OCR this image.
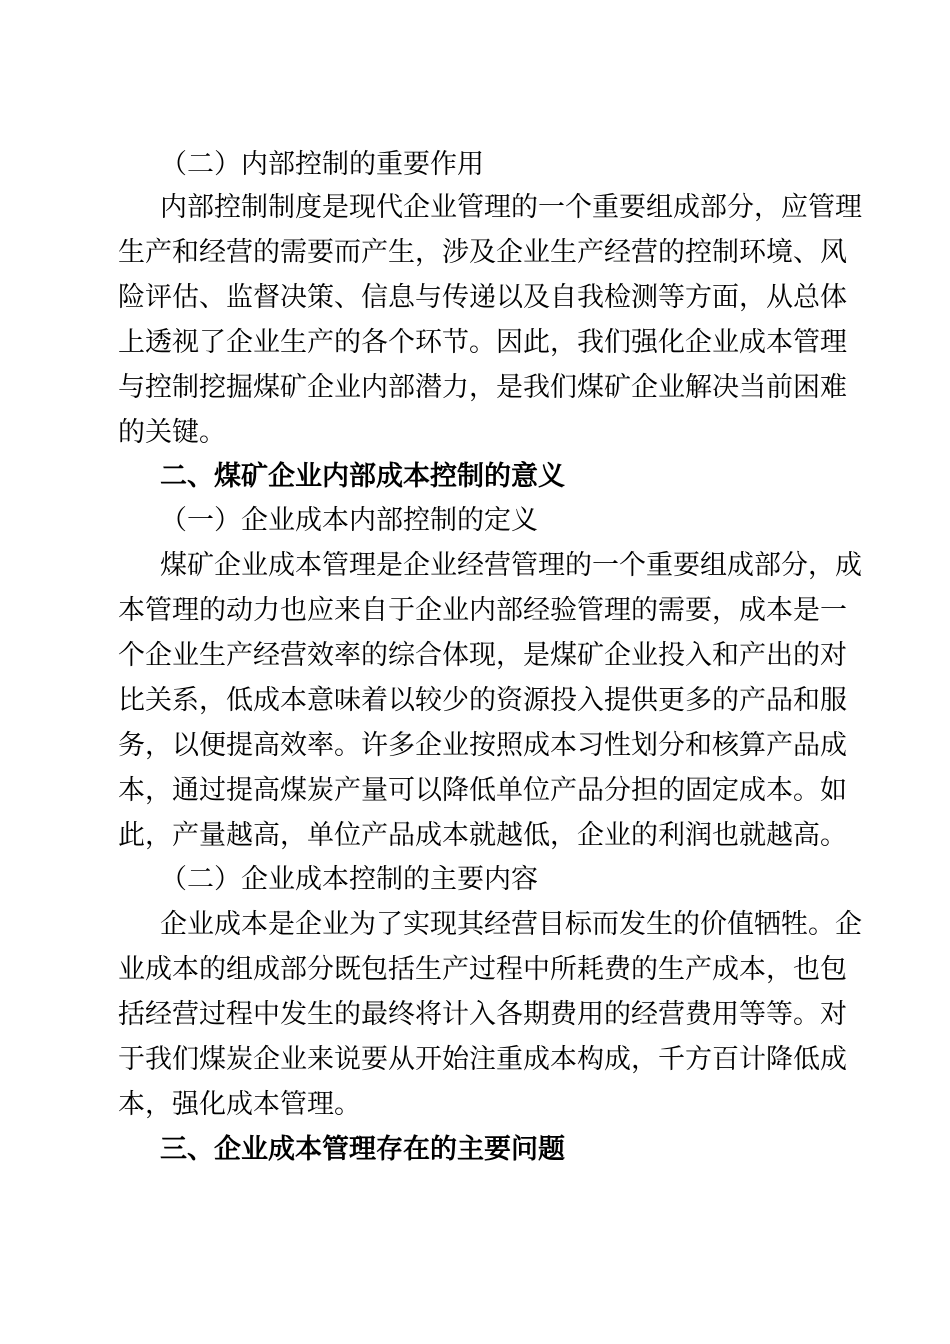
（二）内部控制的重要作用
内部控制制度是现代企业管理的一个重要组成部分，应管理
生产和经营的需要而产生，涉及企业生产经营的控制环境、风
险评估、监督决策、信息与传递以及自我检测等方面，从总体
上透视了企业生产的各个环节。因此，我们强化企业成本管理
与控制挖掘煤矿企业内部潜力，是我们煤矿企业解决当前困难
的关键。
二、煤矿企业内部成本控制的意义
（一）企业成本内部控制的定义
煤矿企业成本管理是企业经营管理的一个重要组成部分，成
本管理的动力也应来自于企业内部经验管理的需要，成本是一
个企业生产经营效率的综合体现，是煤矿企业投入和产出的对
比关系，低成本意味着以较少的资源投入提供更多的产品和服
务，以便提高效率。许多企业按照成本习性划分和核算产品成
本，通过提高煤炭产量可以降低单位产品分担的固定成本。如
此，产量越高，单位产品成本就越低，企业的利润也就越高。
（二）企业成本控制的主要内容
企业成本是企业为了实现其经营目标而发生的价值牺牲。企
业成本的组成部分既包括生产过程中所耗费的生产成本，也包
括经营过程中发生的最终将计入各期费用的经营费用等等。对
于我们煤炭企业来说要从开始注重成本构成，千方百计降低成
本，强化成本管理。
三、企业成本管理存在的主要问题
